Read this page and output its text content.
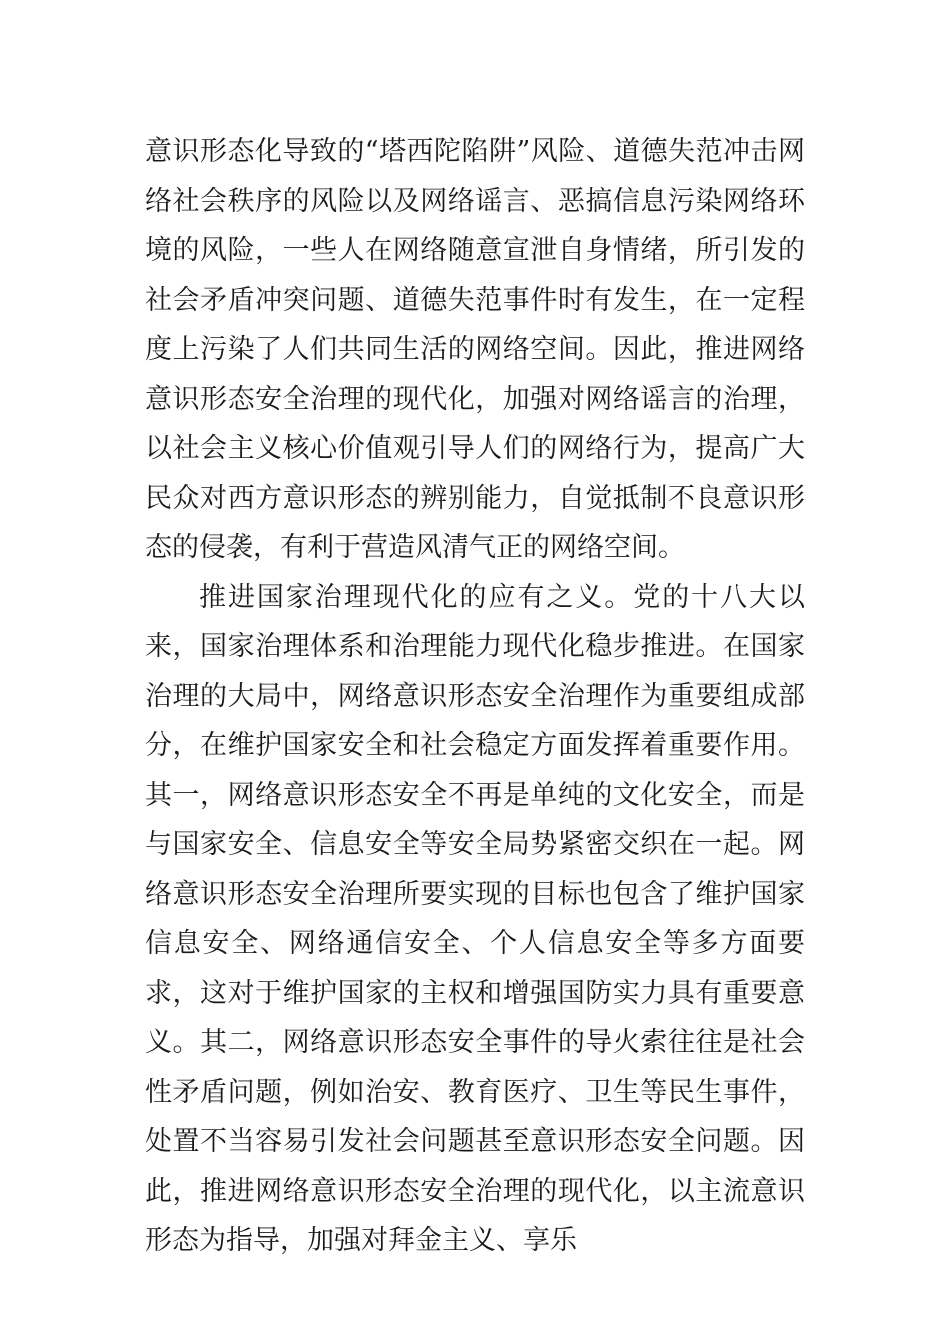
意识形态化导致的“塔西陀陷阱”风险、道德失范冲击网络社会秩序的风险以及网络谣言、恶搞信息污染网络环境的风险，一些人在网络随意宣泄自身情绪，所引发的社会矛盾冲突问题、道德失范事件时有发生，在一定程度上污染了人们共同生活的网络空间。因此，推进网络意识形态安全治理的现代化，加强对网络谣言的治理，以社会主义核心价值观引导人们的网络行为，提高广大民众对西方意识形态的辨别能力，自觉抵制不良意识形态的侵袭，有利于营造风清气正的网络空间。

推进国家治理现代化的应有之义。党的十八大以来，国家治理体系和治理能力现代化稳步推进。在国家治理的大局中，网络意识形态安全治理作为重要组成部分，在维护国家安全和社会稳定方面发挥着重要作用。其一，网络意识形态安全不再是单纯的文化安全，而是与国家安全、信息安全等安全局势紧密交织在一起。网络意识形态安全治理所要实现的目标也包含了维护国家信息安全、网络通信安全、个人信息安全等多方面要求，这对于维护国家的主权和增强国防实力具有重要意义。其二，网络意识形态安全事件的导火索往往是社会性矛盾问题，例如治安、教育医疗、卫生等民生事件，处置不当容易引发社会问题甚至意识形态安全问题。因此，推进网络意识形态安全治理的现代化，以主流意识形态为指导，加强对拜金主义、享乐
